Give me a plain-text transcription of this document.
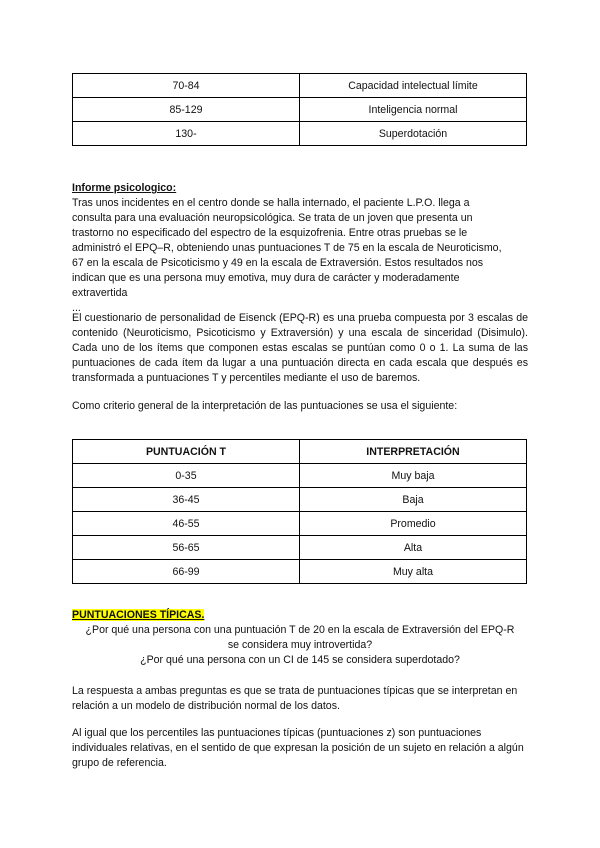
70-84	Capacidad intelectual límite
85-129	Inteligencia normal
130-	Superdotación

Informe psicologico:

Tras unos incidentes en el centro donde se halla internado, el paciente L.P.O. llega a

consulta para una evaluación neuropsicológica. Se trata de un joven que presenta un

trastorno no especificado del espectro de la esquizofrenia. Entre otras pruebas se le

administró el EPQ–R, obteniendo unas puntuaciones T de 75 en la escala de Neuroticismo,

67 en la escala de Psicoticismo y 49 en la escala de Extraversión. Estos resultados nos

indican que es una persona muy emotiva, muy dura de carácter y moderadamente

extravertida

...

El cuestionario de personalidad de Eisenck (EPQ-R) es una prueba compuesta por 3 escalas de contenido (Neuroticismo, Psicoticismo y Extraversión) y una escala de sinceridad (Disimulo). Cada uno de los ítems que componen estas escalas se puntúan como 0 o 1. La suma de las puntuaciones de cada ítem da lugar a una puntuación directa en cada escala que después es transformada a puntuaciones T y percentiles mediante el uso de baremos.
Como criterio general de la interpretación de las puntuaciones se usa el siguiente:
PUNTUACIÓN T	INTERPRETACIÓN
0-35	Muy baja
36-45	Baja
46-55	Promedio
56-65	Alta
66-99	Muy alta

PUNTUACIONES TÍPICAS.

¿Por qué una persona con una puntuación T de 20 en la escala de Extraversión del EPQ-R

se considera muy introvertida?

¿Por qué una persona con un CI de 145 se considera superdotado?

La respuesta a ambas preguntas es que se trata de puntuaciones típicas que se interpretan en relación a un modelo de distribución normal de los datos.
Al igual que los percentiles las puntuaciones típicas (puntuaciones z) son puntuaciones individuales relativas, en el sentido de que expresan la posición de un sujeto en relación a algún grupo de referencia.
